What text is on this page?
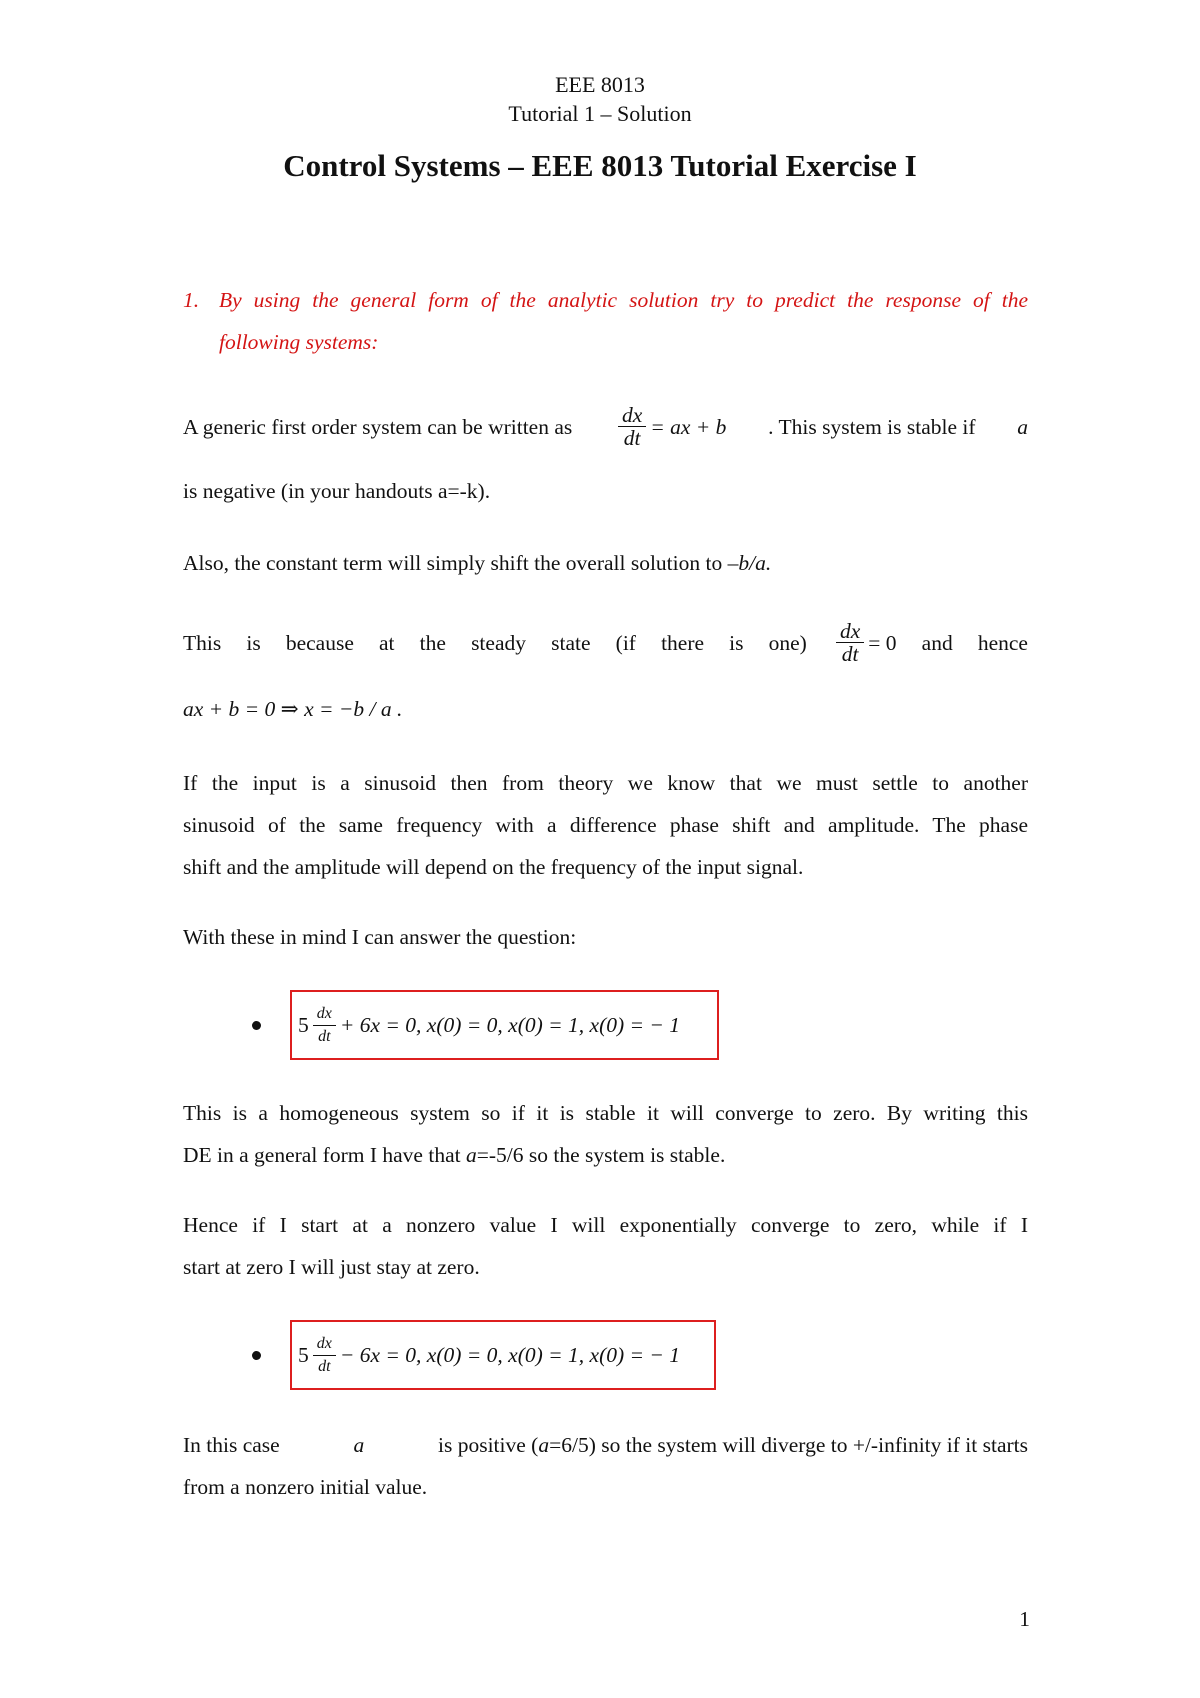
EEE 8013
Tutorial 1 – Solution
Control Systems – EEE 8013 Tutorial Exercise I
1. By using the general form of the analytic solution try to predict the response of the
following systems:
A generic first order system can be written as $\frac{dx}{dt}$ = ax + b . This system is stable if a
is negative (in your handouts a=-k).
Also, the constant term will simply shift the overall solution to –b/a.
This is because at the steady state (if there is $one) \frac{dx}{dt} = 0$ and hence
ax + b = 0 ⇒ x = −b / a .
If the input is a sinusoid then from theory we know that we must settle to another
sinusoid of the same frequency with a difference phase shift and amplitude. The phase
shift and the amplitude will depend on the frequency of the input signal.
With these in mind I can answer the question:
$5 \frac{dx}{dt} + 6x = 0$, x(0) = 0, x(0) = 1, x(0) = − 1
This is a homogeneous system so if it is stable it will converge to zero. By writing this
DE in a general form I have that a=-5/6 so the system is stable.
Hence if I start at a nonzero value I will exponentially converge to zero, while if I
start at zero I will just stay at zero.
$5 \frac{dx}{dt} - 6x = 0$, x(0) = 0, x(0) = 1, x(0) = − 1
In this case	a	is positive (a=6/5) so the system will diverge to +/-infinity if it starts
from a nonzero initial value.
1
